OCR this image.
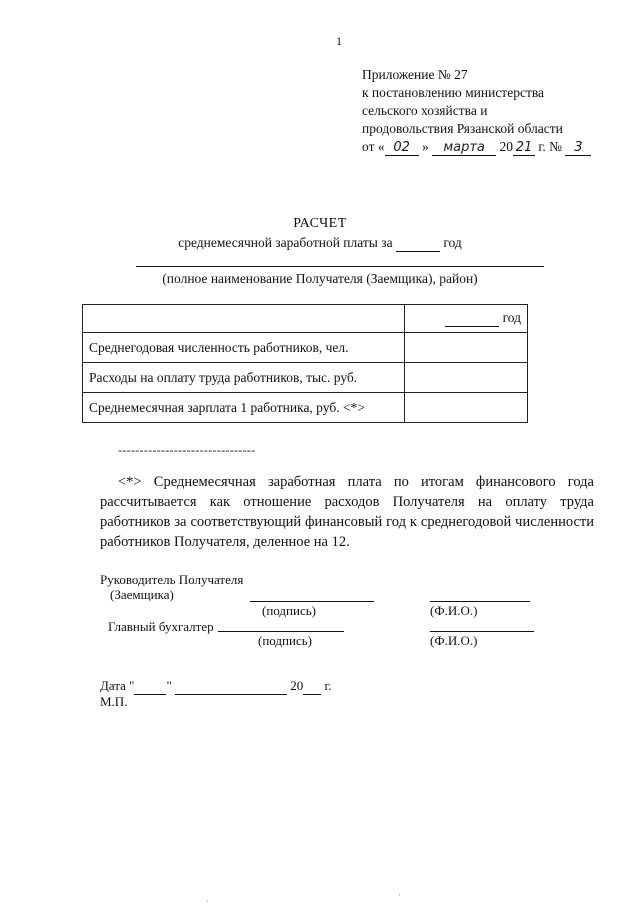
1
Приложение № 27
к постановлению министерства
сельского хозяйства и
продовольствия Рязанской области
от « 02 » марта 20 21 г. № 3
РАСЧЕТ
среднемесячной заработной платы за	год
(полное наименование Получателя (Заемщика), район)
	год
Среднегодовая численность работников, чел.	
Расходы на оплату труда работников, тыс. руб.	
Среднемесячная зарплата 1 работника, руб. <*>	
--------------------------------

<*> Среднемесячная заработная плата по итогам финансового года рассчитывается как отношение расходов Получателя на оплату труда работников за соответствующий финансовый год к среднегодовой численности работников Получателя, деленное на 12.

Руководитель Получателя
(Заемщика)
(подпись)	(Ф.И.О.)
Главный бухгалтер
(подпись)	(Ф.И.О.)
Дата " "	20 г.
М.П.
·
·
